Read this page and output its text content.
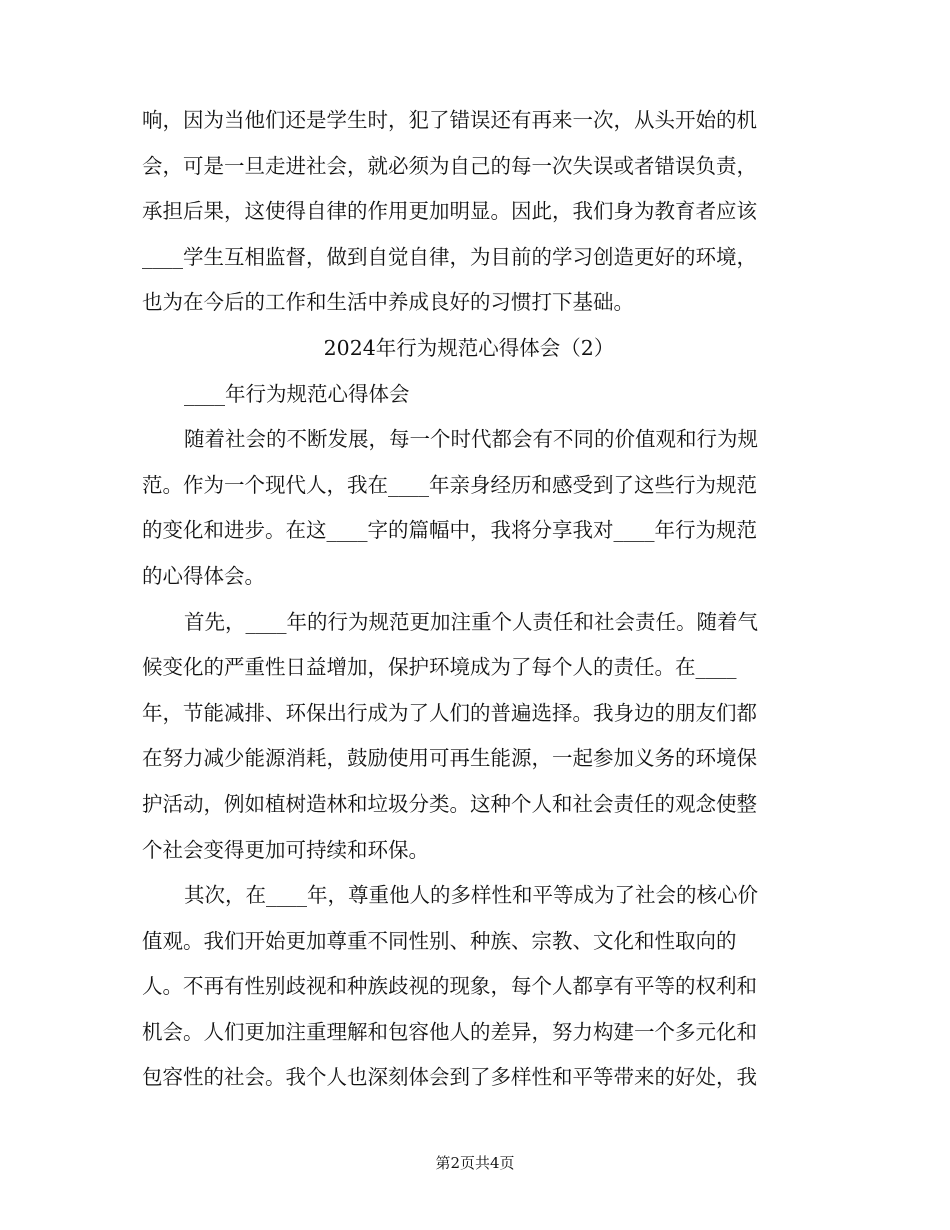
响，因为当他们还是学生时，犯了错误还有再来一次，从头开始的机
会，可是一旦走进社会，就必须为自己的每一次失误或者错误负责，
承担后果，这使得自律的作用更加明显。因此，我们身为教育者应该
____学生互相监督，做到自觉自律，为目前的学习创造更好的环境，
也为在今后的工作和生活中养成良好的习惯打下基础。
2024年行为规范心得体会（2）
____年行为规范心得体会
随着社会的不断发展，每一个时代都会有不同的价值观和行为规
范。作为一个现代人，我在____年亲身经历和感受到了这些行为规范
的变化和进步。在这____字的篇幅中，我将分享我对____年行为规范
的心得体会。
首先，____年的行为规范更加注重个人责任和社会责任。随着气
候变化的严重性日益增加，保护环境成为了每个人的责任。在____
年，节能减排、环保出行成为了人们的普遍选择。我身边的朋友们都
在努力减少能源消耗，鼓励使用可再生能源，一起参加义务的环境保
护活动，例如植树造林和垃圾分类。这种个人和社会责任的观念使整
个社会变得更加可持续和环保。
其次，在____年，尊重他人的多样性和平等成为了社会的核心价
值观。我们开始更加尊重不同性别、种族、宗教、文化和性取向的
人。不再有性别歧视和种族歧视的现象，每个人都享有平等的权利和
机会。人们更加注重理解和包容他人的差异，努力构建一个多元化和
包容性的社会。我个人也深刻体会到了多样性和平等带来的好处，我
第2页共4页
